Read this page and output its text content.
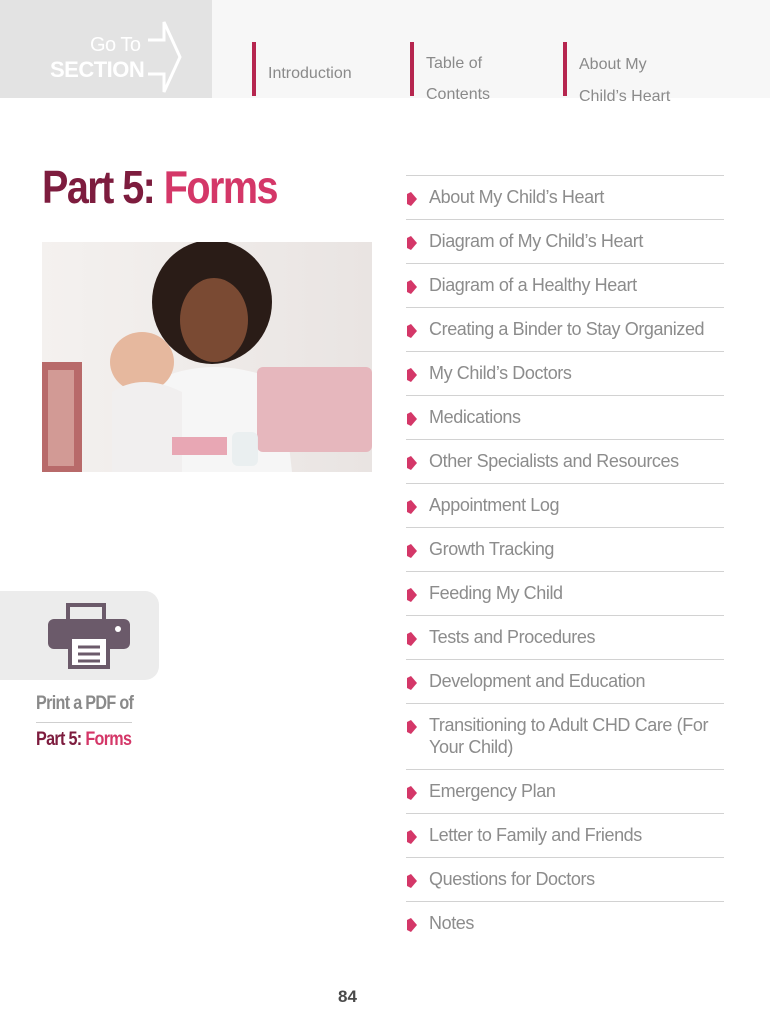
Go To
SECTION	Introduction
Table of
Contents
About My
Child’s Heart
Part 5: Forms
Print a PDF of
Part 5: Forms
About My Child’s Heart
Diagram of My Child’s Heart
Diagram of a Healthy Heart
Creating a Binder to Stay Organized
My Child’s Doctors
Medications
Other Specialists and Resources
Appointment Log
Growth Tracking
Feeding My Child
Tests and Procedures
Development and Education
Transitioning to Adult CHD Care (For Your Child)
Emergency Plan
Letter to Family and Friends
Questions for Doctors
Notes
84
